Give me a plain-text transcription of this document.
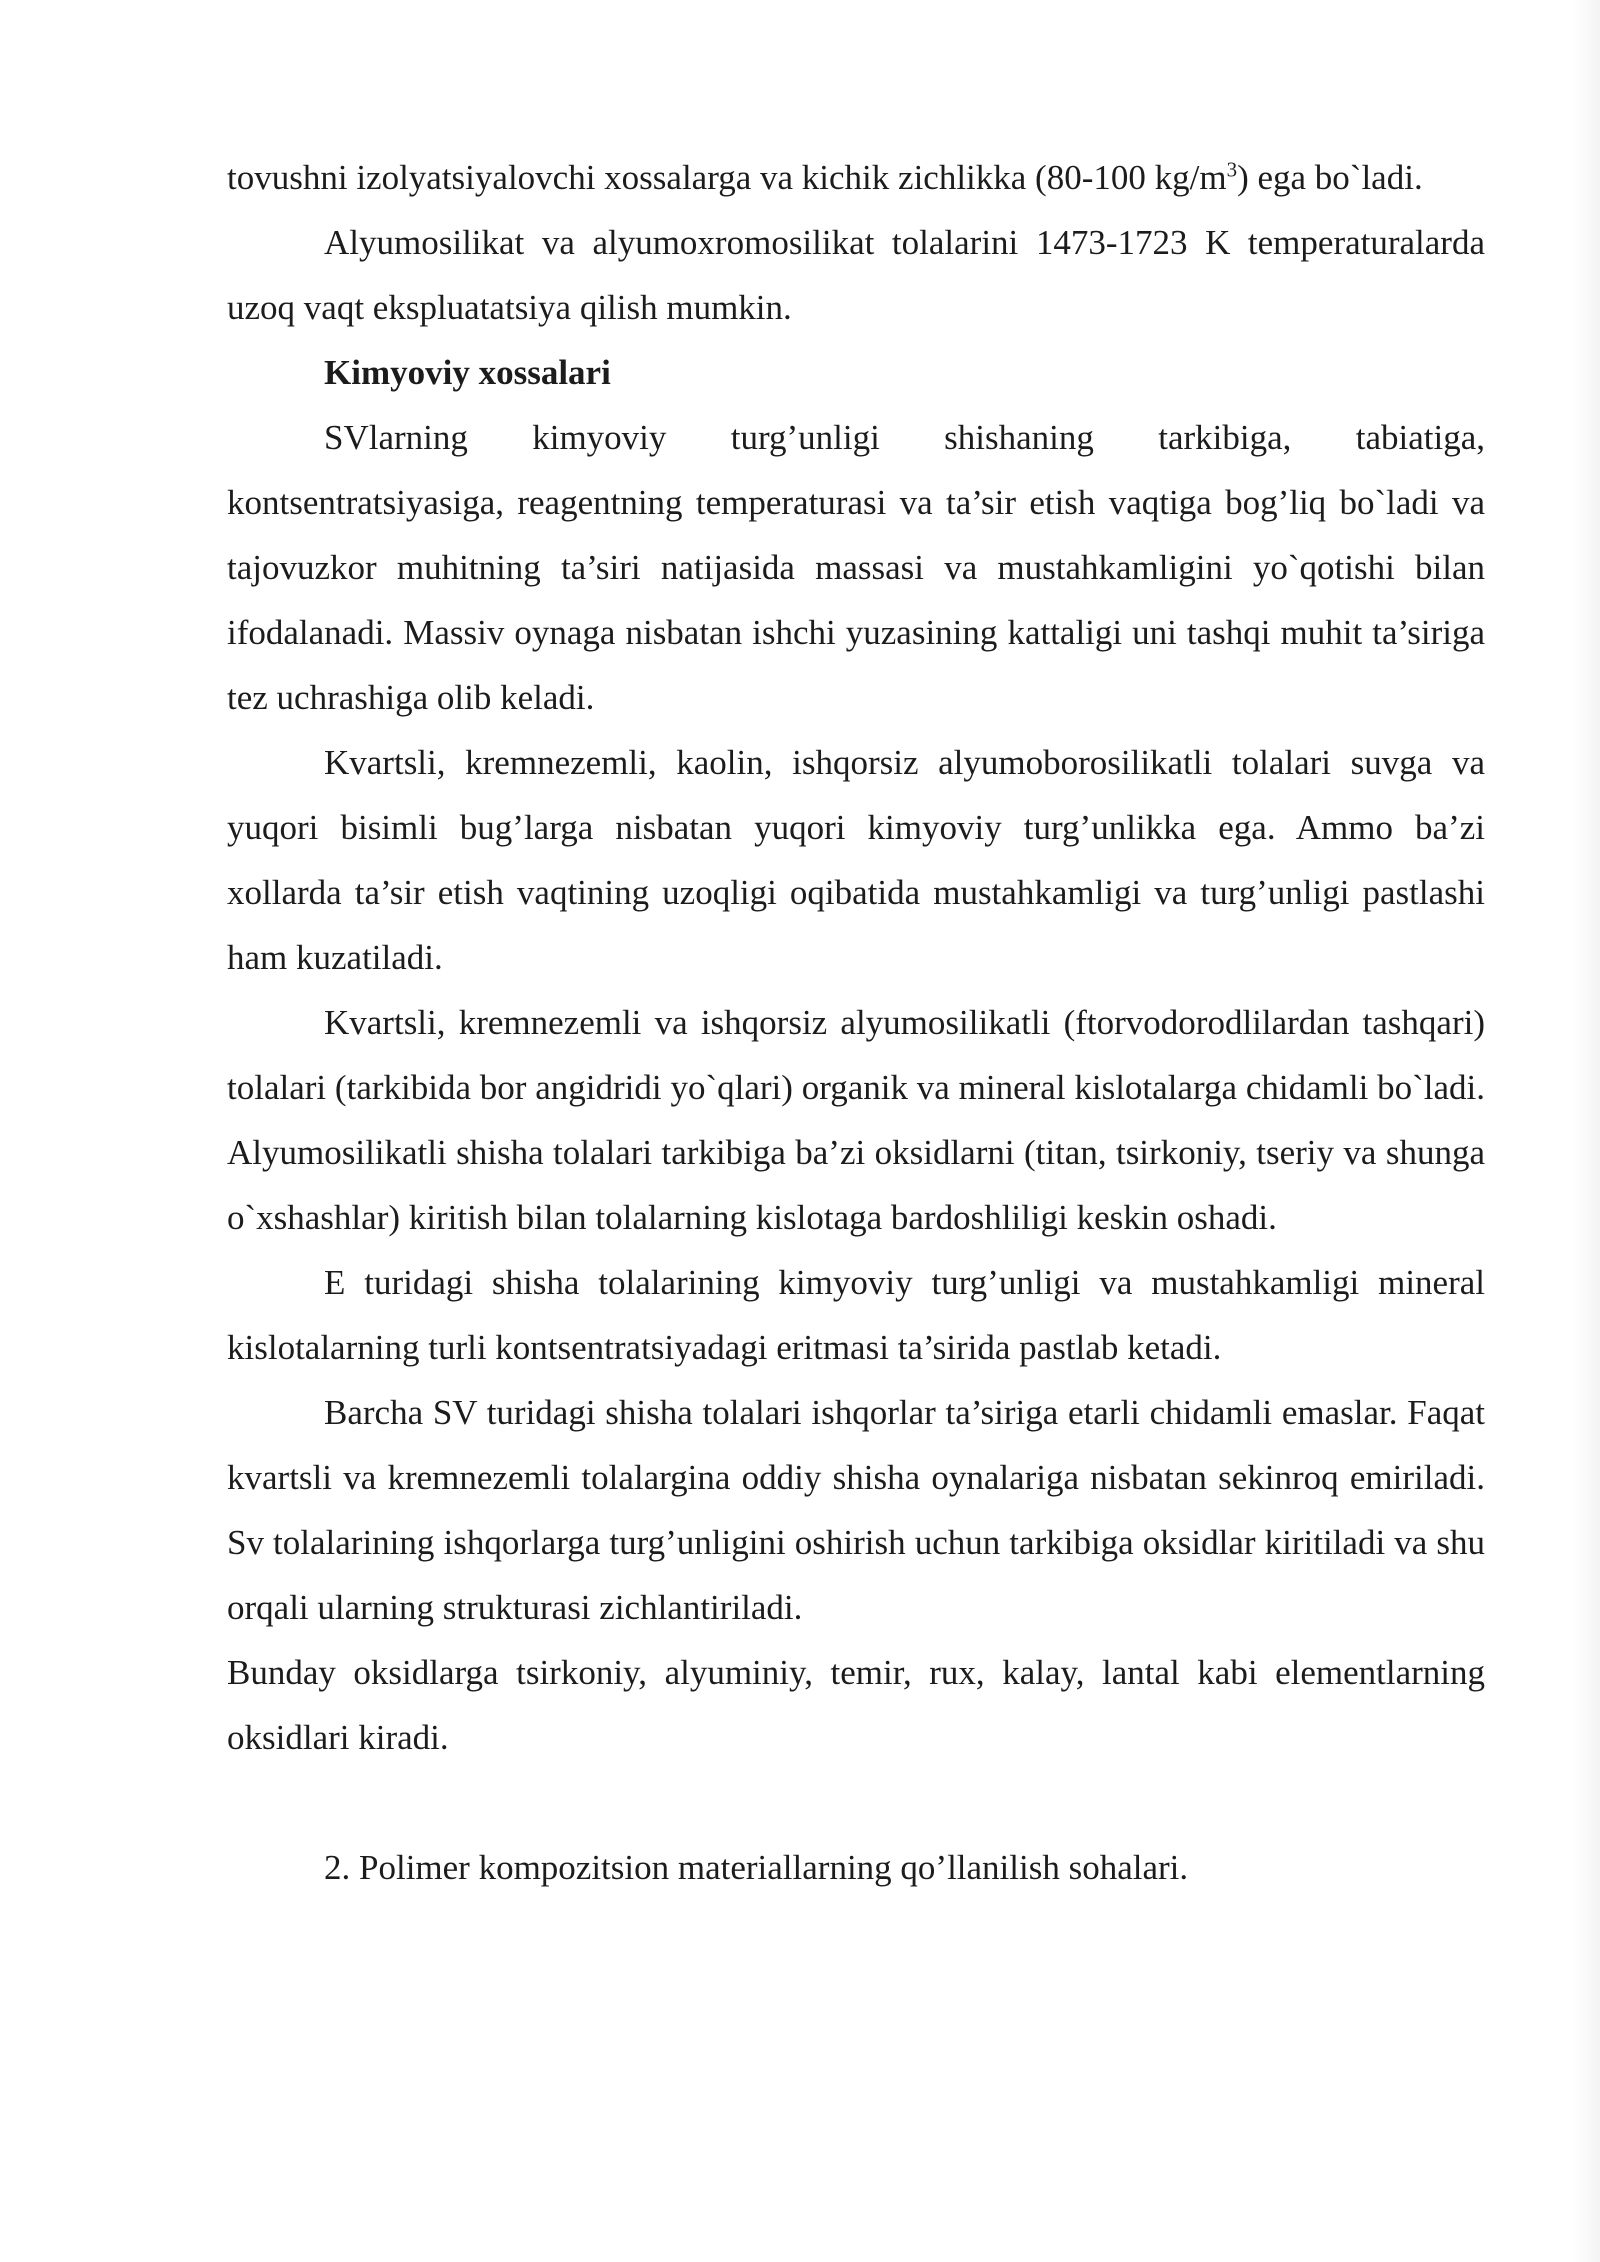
tovushni izolyatsiyalovchi xossalarga va kichik zichlikka (80-100 $kg/m^3$) ega bo`ladi.

Alyumosilikat va alyumoxromosilikat tolalarini 1473-1723 K temperaturalarda uzoq vaqt ekspluatatsiya qilish mumkin.

Kimyoviy xossalari

SVlarning kimyoviy turg’unligi shishaning tarkibiga, tabiatiga, kontsentratsiyasiga, reagentning temperaturasi va ta’sir etish vaqtiga bog’liq bo`ladi va tajovuzkor muhitning ta’siri natijasida massasi va mustahkamligini yo`qotishi bilan ifodalanadi. Massiv oynaga nisbatan ishchi yuzasining kattaligi uni tashqi muhit ta’siriga tez uchrashiga olib keladi.

Kvartsli, kremnezemli, kaolin, ishqorsiz alyumoborosilikatli tolalari suvga va yuqori bisimli bug’larga nisbatan yuqori kimyoviy turg’unlikka ega. Ammo ba’zi xollarda ta’sir etish vaqtining uzoqligi oqibatida mustahkamligi va turg’unligi pastlashi ham kuzatiladi.

Kvartsli, kremnezemli va ishqorsiz alyumosilikatli (ftorvodorodlilardan tashqari) tolalari (tarkibida bor angidridi yo`qlari) organik va mineral kislotalarga chidamli bo`ladi. Alyumosilikatli shisha tolalari tarkibiga ba’zi oksidlarni (titan, tsirkoniy, tseriy va shunga o`xshashlar) kiritish bilan tolalarning kislotaga bardoshliligi keskin oshadi.

E turidagi shisha tolalarining kimyoviy turg’unligi va mustahkamligi mineral kislotalarning turli kontsentratsiyadagi eritmasi ta’sirida pastlab ketadi.

Barcha SV turidagi shisha tolalari ishqorlar ta’siriga etarli chidamli emaslar. Faqat kvartsli va kremnezemli tolalargina oddiy shisha oynalariga nisbatan sekinroq emiriladi. Sv tolalarining ishqorlarga turg’unligini oshirish uchun tarkibiga oksidlar kiritiladi va shu orqali ularning strukturasi zichlantiriladi.

Bunday oksidlarga tsirkoniy, alyuminiy, temir, rux, kalay, lantal kabi elementlarning oksidlari kiradi.

2. Polimer kompozitsion materiallarning qo’llanilish sohalari.
